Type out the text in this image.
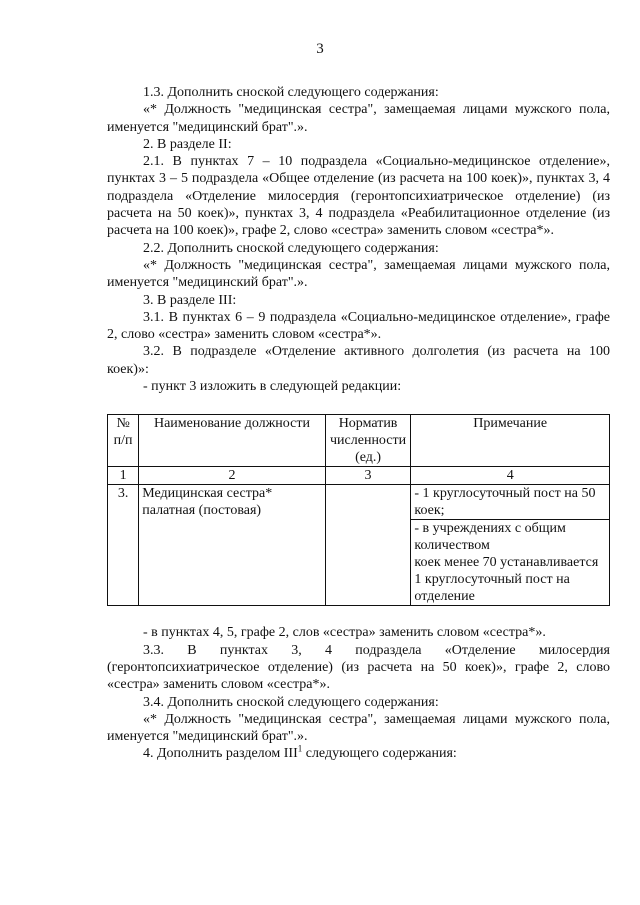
3

1.3. Дополнить сноской следующего содержания:

«* Должность "медицинская сестра", замещаемая лицами мужского пола, именуется "медицинский брат".».

2. В разделе II:

2.1. В пунктах 7 – 10 подраздела «Социально-медицинское отделение», пунктах 3 – 5 подраздела «Общее отделение (из расчета на 100 коек)», пунктах 3, 4 подраздела «Отделение милосердия (геронтопсихиатрическое отделение) (из расчета на 50 коек)», пунктах 3, 4 подраздела «Реабилитационное отделение (из расчета на 100 коек)», графе 2, слово «сестра» заменить словом «сестра*».

2.2. Дополнить сноской следующего содержания:

«* Должность "медицинская сестра", замещаемая лицами мужского пола, именуется "медицинский брат".».

3. В разделе III:

3.1. В пунктах 6 – 9 подраздела «Социально-медицинское отделение», графе 2, слово «сестра» заменить словом «сестра*».

3.2. В подразделе «Отделение активного долголетия (из расчета на 100 коек)»:

- пункт 3 изложить в следующей редакции:

№ п/п	Наименование должности	Норматив численности (ед.)	Примечание
1	2	3	4
3.	Медицинская сестра*
палатная (постовая)		- 1 круглосуточный пост на 50 коек;
- в учреждениях с общим количеством
коек менее 70 устанавливается
1 круглосуточный пост на отделение

- в пунктах 4, 5, графе 2, слов «сестра» заменить словом «сестра*».

3.3. В пунктах 3, 4 подраздела «Отделение милосердия (геронтопсихиатрическое отделение) (из расчета на 50 коек)», графе 2, слово «сестра» заменить словом «сестра*».

3.4. Дополнить сноской следующего содержания:

«* Должность "медицинская сестра", замещаемая лицами мужского пола, именуется "медицинский брат".».

4. Дополнить разделом III$^1$ следующего содержания:
